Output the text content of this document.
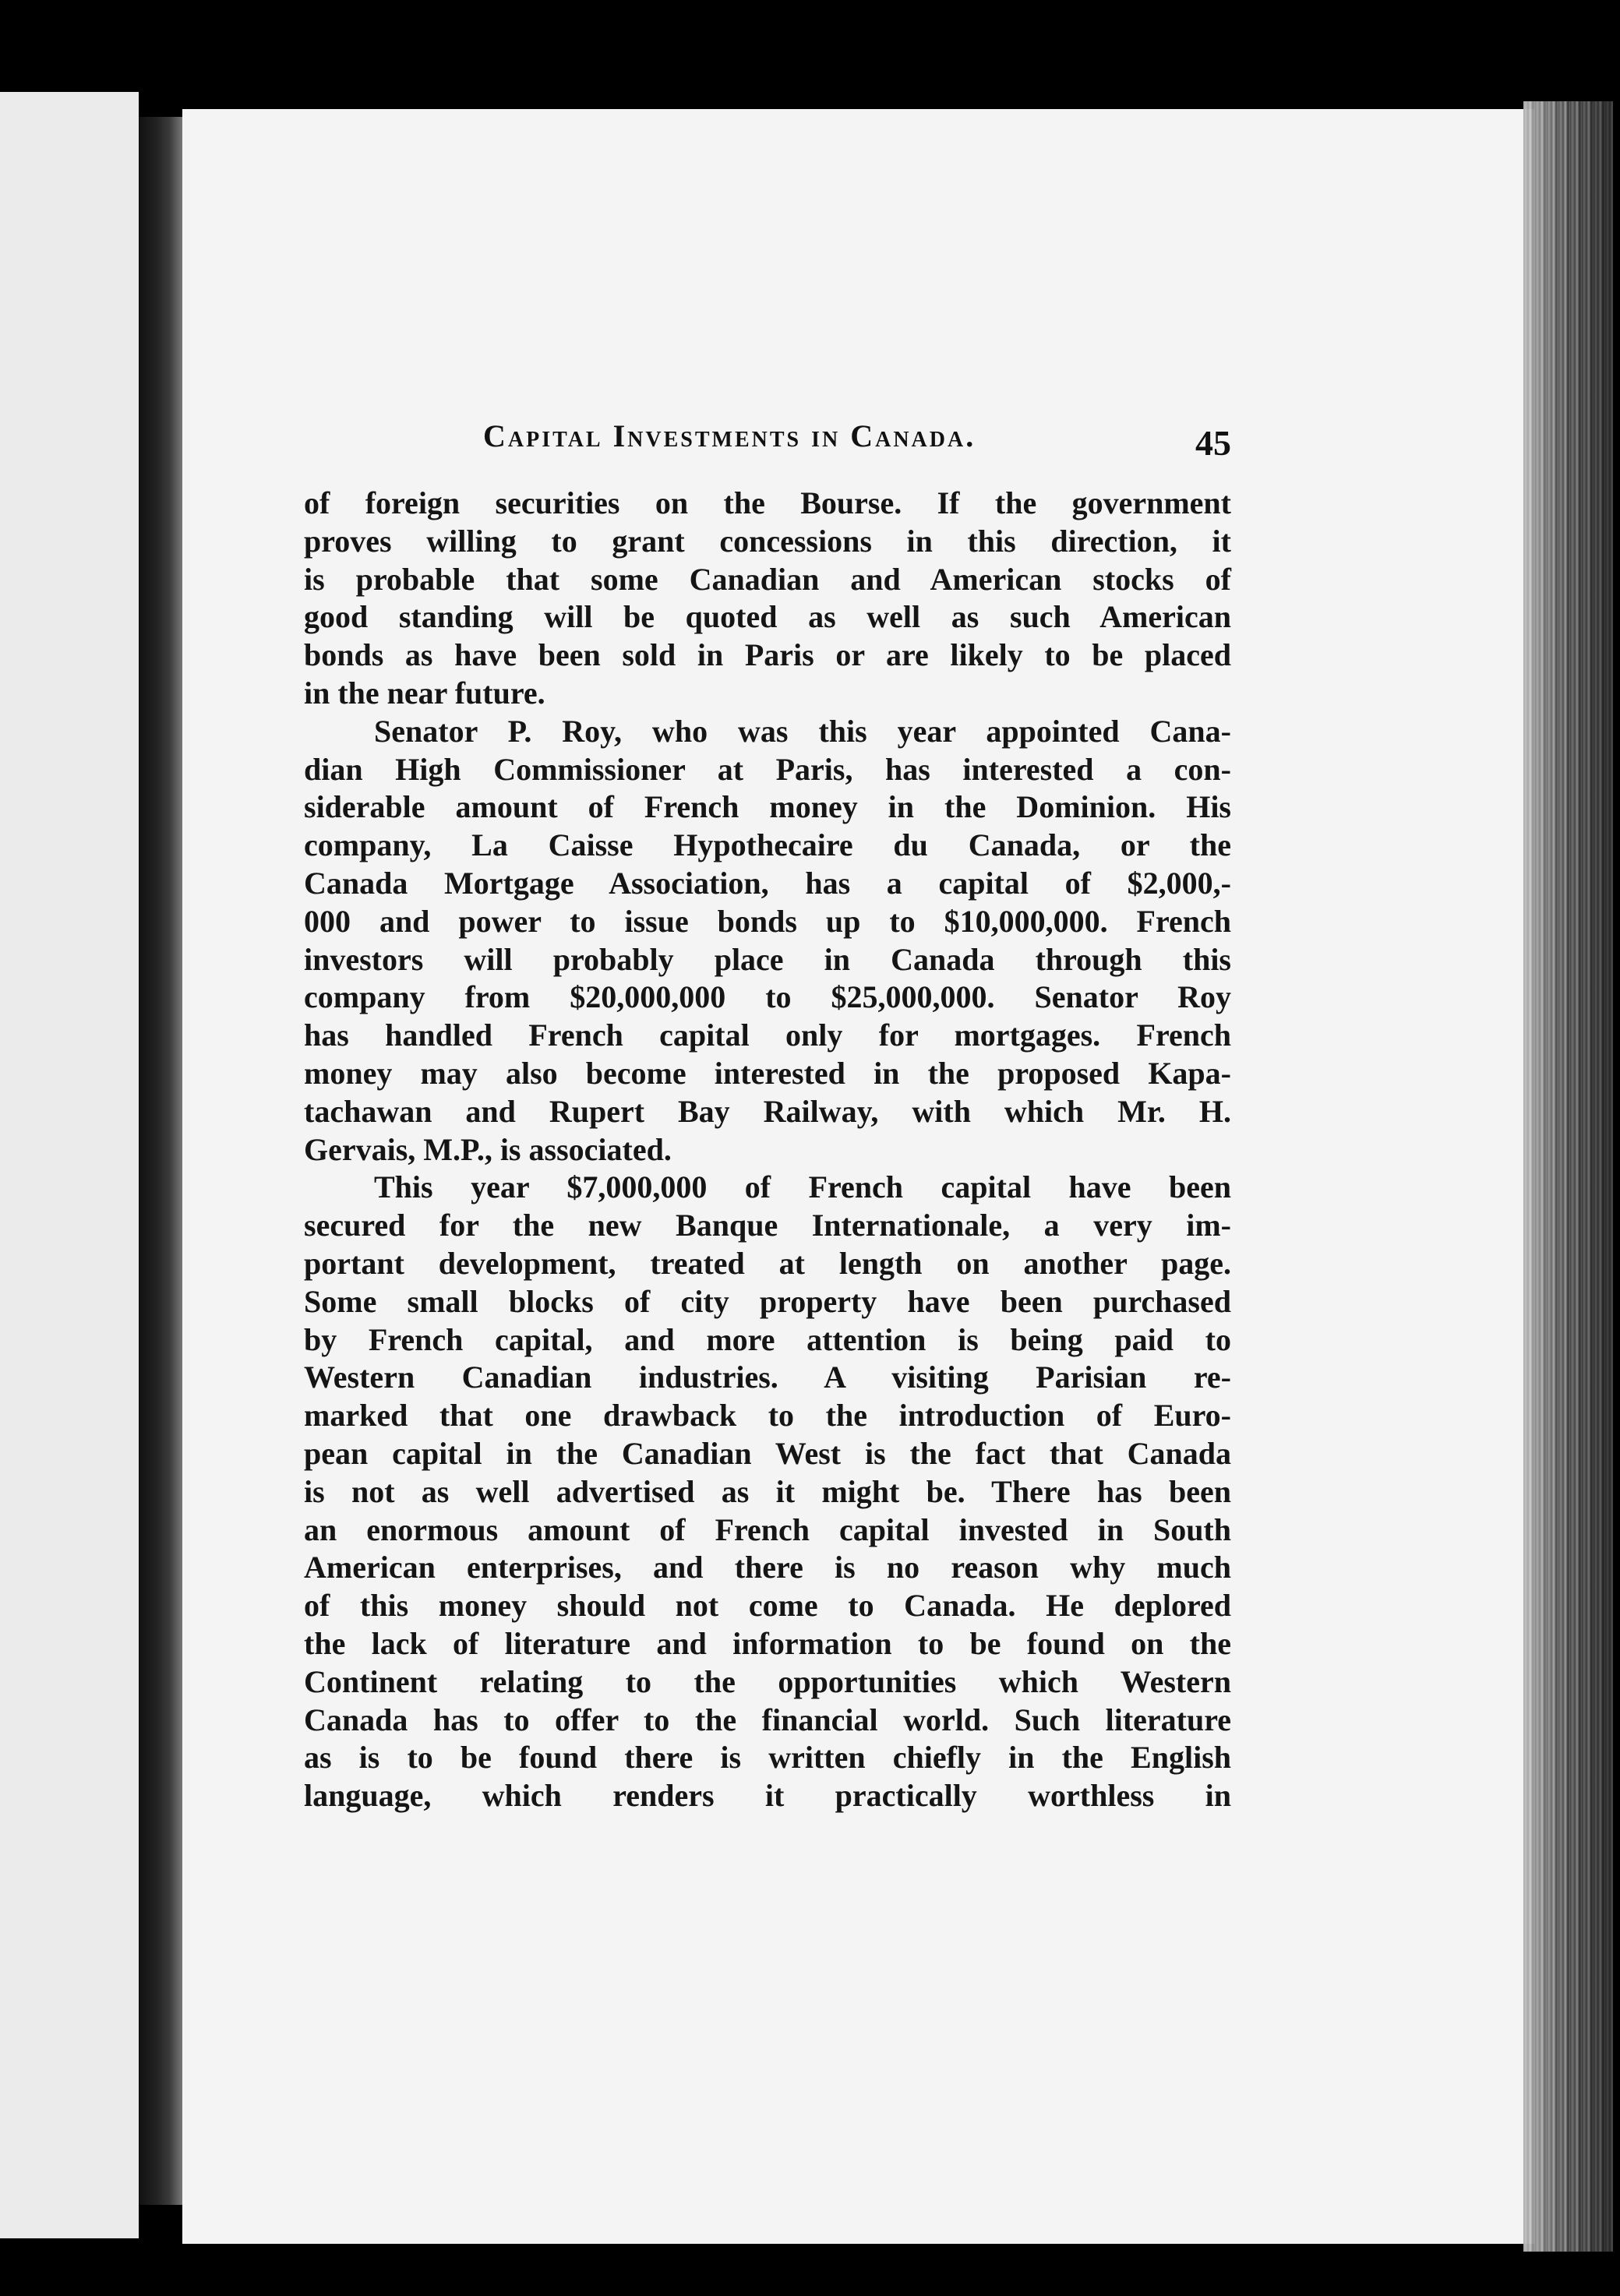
Capital Investments in Canada.	45
of foreign securities on the Bourse. If the government
proves willing to grant concessions in this direction, it
is probable that some Canadian and American stocks of
good standing will be quoted as well as such American
bonds as have been sold in Paris or are likely to be placed
in the near future.
Senator P. Roy, who was this year appointed Cana-
dian High Commissioner at Paris, has interested a con-
siderable amount of French money in the Dominion. His
company, La Caisse Hypothecaire du Canada, or the
Canada Mortgage Association, has a capital of $2,000,-
000 and power to issue bonds up to $10,000,000. French
investors will probably place in Canada through this
company from $20,000,000 to $25,000,000. Senator Roy
has handled French capital only for mortgages. French
money may also become interested in the proposed Kapa-
tachawan and Rupert Bay Railway, with which Mr. H.
Gervais, M.P., is associated.
This year $7,000,000 of French capital have been
secured for the new Banque Internationale, a very im-
portant development, treated at length on another page.
Some small blocks of city property have been purchased
by French capital, and more attention is being paid to
Western Canadian industries. A visiting Parisian re-
marked that one drawback to the introduction of Euro-
pean capital in the Canadian West is the fact that Canada
is not as well advertised as it might be. There has been
an enormous amount of French capital invested in South
American enterprises, and there is no reason why much
of this money should not come to Canada. He deplored
the lack of literature and information to be found on the
Continent relating to the opportunities which Western
Canada has to offer to the financial world. Such literature
as is to be found there is written chiefly in the English
language, which renders it practically worthless in
